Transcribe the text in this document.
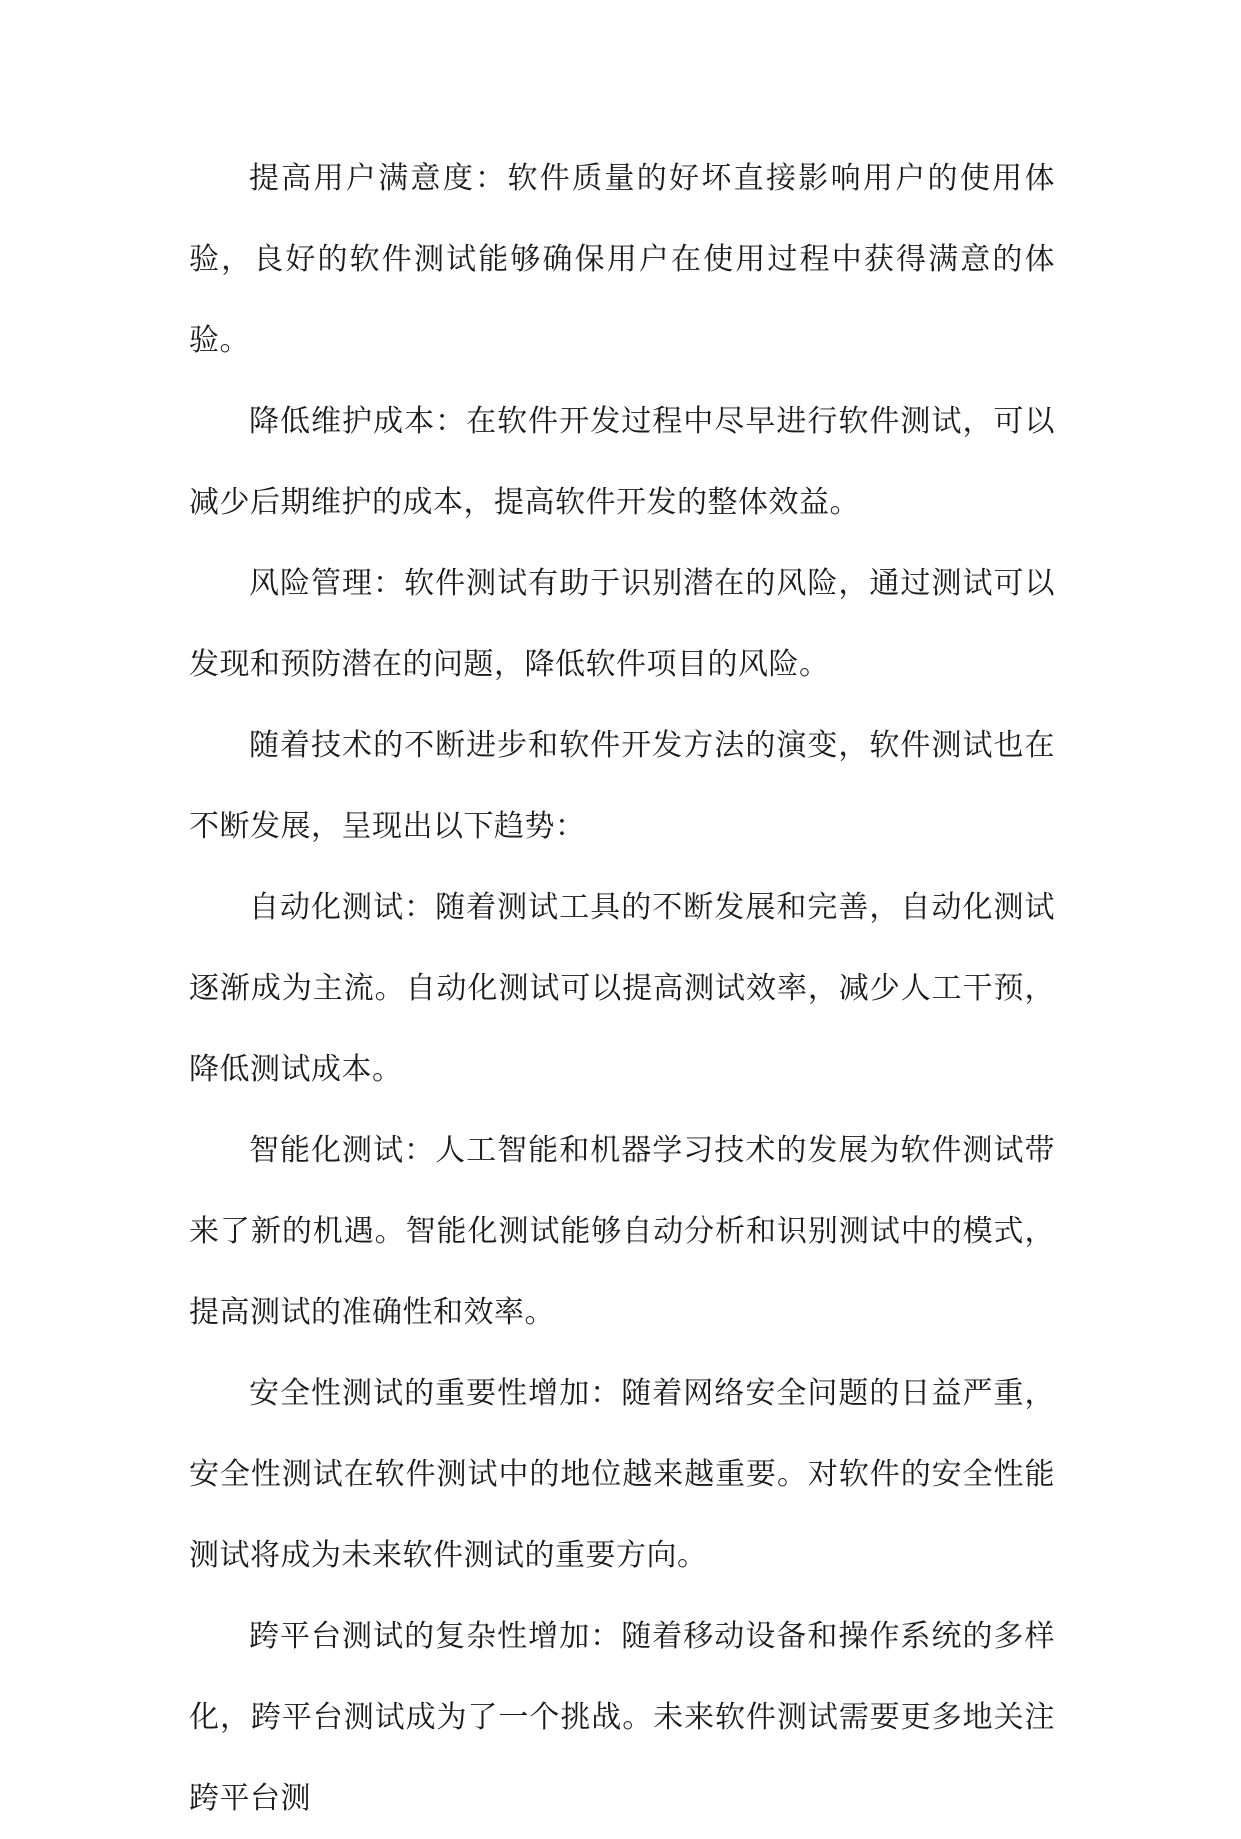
提高用户满意度：软件质量的好坏直接影响用户的使用体验，良好的软件测试能够确保用户在使用过程中获得满意的体验。

降低维护成本：在软件开发过程中尽早进行软件测试，可以减少后期维护的成本，提高软件开发的整体效益。

风险管理：软件测试有助于识别潜在的风险，通过测试可以发现和预防潜在的问题，降低软件项目的风险。

随着技术的不断进步和软件开发方法的演变，软件测试也在不断发展，呈现出以下趋势：

自动化测试：随着测试工具的不断发展和完善，自动化测试逐渐成为主流。自动化测试可以提高测试效率，减少人工干预，降低测试成本。

智能化测试：人工智能和机器学习技术的发展为软件测试带来了新的机遇。智能化测试能够自动分析和识别测试中的模式，提高测试的准确性和效率。

安全性测试的重要性增加：随着网络安全问题的日益严重，安全性测试在软件测试中的地位越来越重要。对软件的安全性能测试将成为未来软件测试的重要方向。

跨平台测试的复杂性增加：随着移动设备和操作系统的多样化，跨平台测试成为了一个挑战。未来软件测试需要更多地关注跨平台测
